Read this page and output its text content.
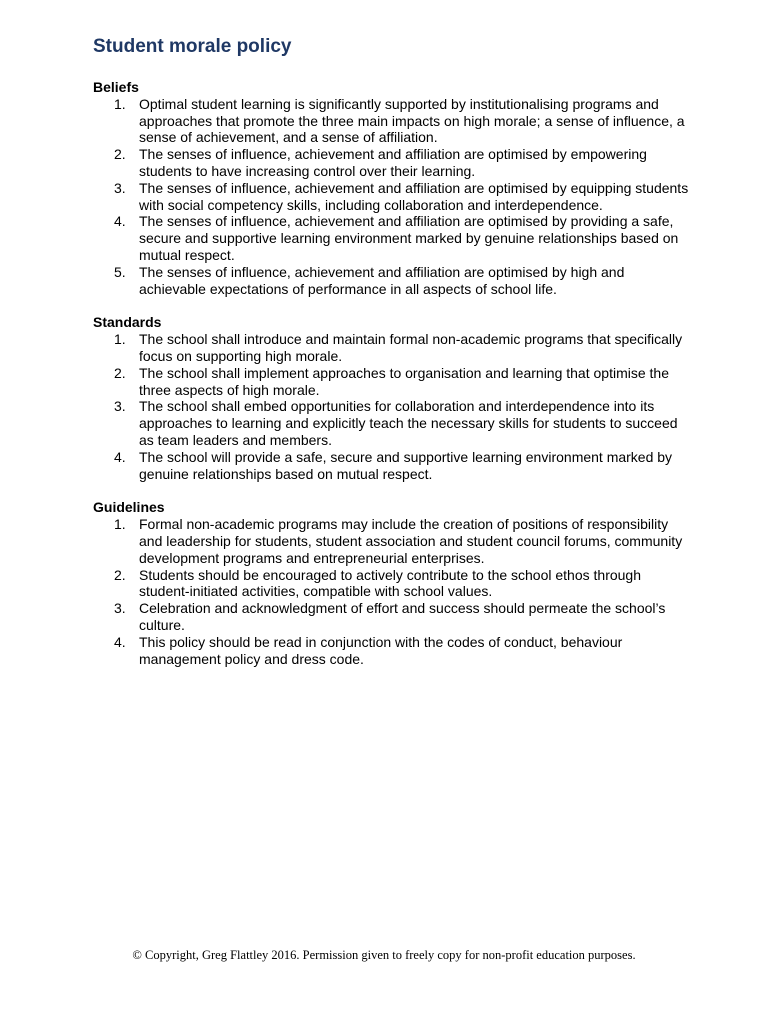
Student morale policy
Beliefs
1. Optimal student learning is significantly supported by institutionalising programs and approaches that promote the three main impacts on high morale; a sense of influence, a sense of achievement, and a sense of affiliation.
2. The senses of influence, achievement and affiliation are optimised by empowering students to have increasing control over their learning.
3. The senses of influence, achievement and affiliation are optimised by equipping students with social competency skills, including collaboration and interdependence.
4. The senses of influence, achievement and affiliation are optimised by providing a safe, secure and supportive learning environment marked by genuine relationships based on mutual respect.
5. The senses of influence, achievement and affiliation are optimised by high and achievable expectations of performance in all aspects of school life.
Standards
1. The school shall introduce and maintain formal non-academic programs that specifically focus on supporting high morale.
2. The school shall implement approaches to organisation and learning that optimise the three aspects of high morale.
3. The school shall embed opportunities for collaboration and interdependence into its approaches to learning and explicitly teach the necessary skills for students to succeed as team leaders and members.
4. The school will provide a safe, secure and supportive learning environment marked by genuine relationships based on mutual respect.
Guidelines
1. Formal non-academic programs may include the creation of positions of responsibility and leadership for students, student association and student council forums, community development programs and entrepreneurial enterprises.
2. Students should be encouraged to actively contribute to the school ethos through student-initiated activities, compatible with school values.
3. Celebration and acknowledgment of effort and success should permeate the school’s culture.
4. This policy should be read in conjunction with the codes of conduct, behaviour management policy and dress code.
© Copyright, Greg Flattley 2016. Permission given to freely copy for non-profit education purposes.
